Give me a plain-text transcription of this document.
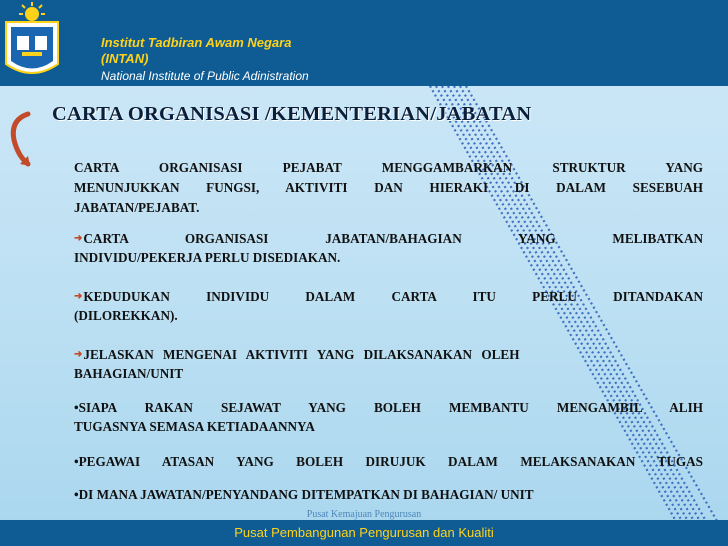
Institut Tadbiran Awam Negara
(INTAN)
National Institute of Public Adinistration
CARTA ORGANISASI /KEMENTERIAN/JABATAN

CARTA ORGANISASI PEJABAT MENGGAMBARKAN STRUKTUR YANG

MENUNJUKKAN FUNGSI, AKTIVITI DAN HIERAKI DI DALAM SESEBUAH

JABATAN/PEJABAT.

➜CARTA ORGANISASI JABATAN/BAHAGIAN YANG MELIBATKAN

INDIVIDU/PEKERJA PERLU DISEDIAKAN.

➜KEDUDUKAN INDIVIDU DALAM CARTA ITU PERLU DITANDAKAN

(DILOREKKAN).

➜JELASKAN MENGENAI AKTIVITI YANG DILAKSANAKAN OLEH

BAHAGIAN/UNIT

•SIAPA RAKAN SEJAWAT YANG BOLEH MEMBANTU MENGAMBIL ALIH

TUGASNYA SEMASA KETIADAANNYA

•PEGAWAI ATASAN YANG BOLEH DIRUJUK DALAM MELAKSANAKAN TUGAS

•DI MANA JAWATAN/PENYANDANG DITEMPATKAN DI BAHAGIAN/ UNIT

Pusat Kemajuan Pengurusan
Pusat Pembangunan Pengurusan dan Kualiti
